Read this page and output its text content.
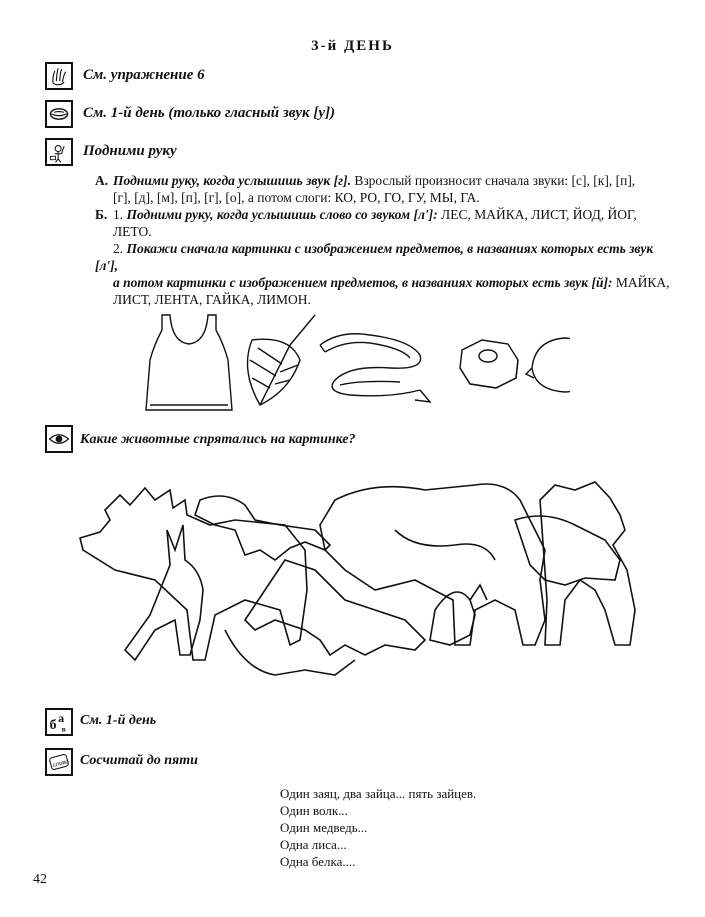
3-й ДЕНЬ
См. упражнение 6
См. 1-й день (только гласный звук [у])
Подними руку
А. Подними руку, когда услышишь звук [г]. Взрослый произносит сначала звуки: [с], [к], [п],
[г], [д], [м], [п], [г], [о], а потом слоги: КО, РО, ГО, ГУ, МЫ, ГА.
Б. 1. Подними руку, когда услышишь слово со звуком [л']: ЛЕС, МАЙКА, ЛИСТ, ЙОД, ЙОГ,
ЛЕТО.
2. Покажи сначала картинки с изображением предметов, в названиях которых есть звук [л'],
а потом картинки с изображением предметов, в названиях которых есть звук [й]: МАЙКА,
ЛИСТ, ЛЕНТА, ГАЙКА, ЛИМОН.
Какие животные спрятались на картинке?
б а
в
См. 1-й день
слово Сосчитай до пяти
Один заяц, два зайца... пять зайцев.
Один волк...
Один медведь...
Одна лиса...
Одна белка....
42
